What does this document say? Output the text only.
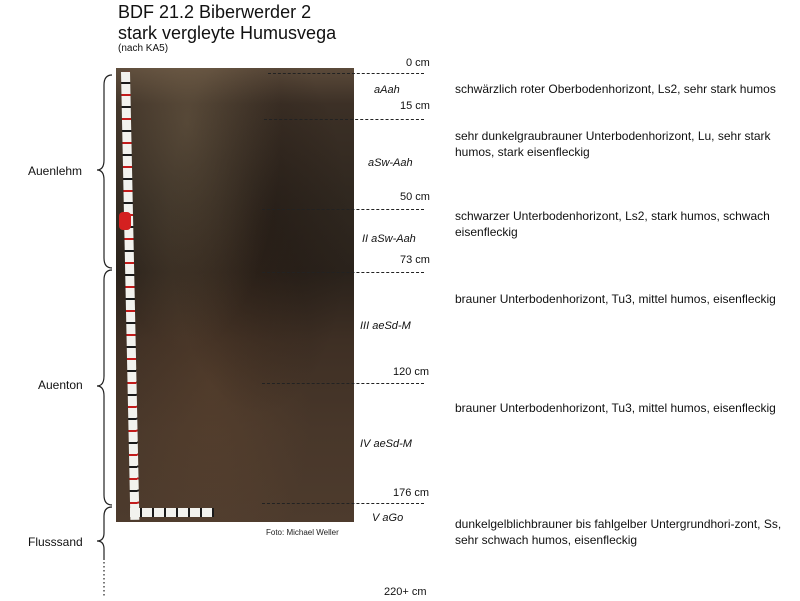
BDF 21.2 Biberwerder 2
stark vergleyte Humusvega
(nach KA5)
Foto: Michael Weller
0 cm
15 cm
50 cm
73 cm
120 cm
176 cm
220+ cm
aAah
aSw-Aah
II aSw-Aah
III aeSd-M
IV aeSd-M
V aGo
schwärzlich roter Oberbodenhorizont, Ls2, sehr stark humos
sehr dunkelgraubrauner Unterbodenhorizont, Lu, sehr stark humos, stark eisenfleckig
schwarzer Unterbodenhorizont, Ls2, stark humos, schwach eisenfleckig
brauner Unterbodenhorizont, Tu3, mittel humos, eisenfleckig
brauner Unterbodenhorizont, Tu3, mittel humos, eisenfleckig
dunkelgelblichbrauner bis fahlgelber Untergrundhori-zont, Ss, sehr schwach humos, eisenfleckig
Auenlehm
Auenton
Flusssand
